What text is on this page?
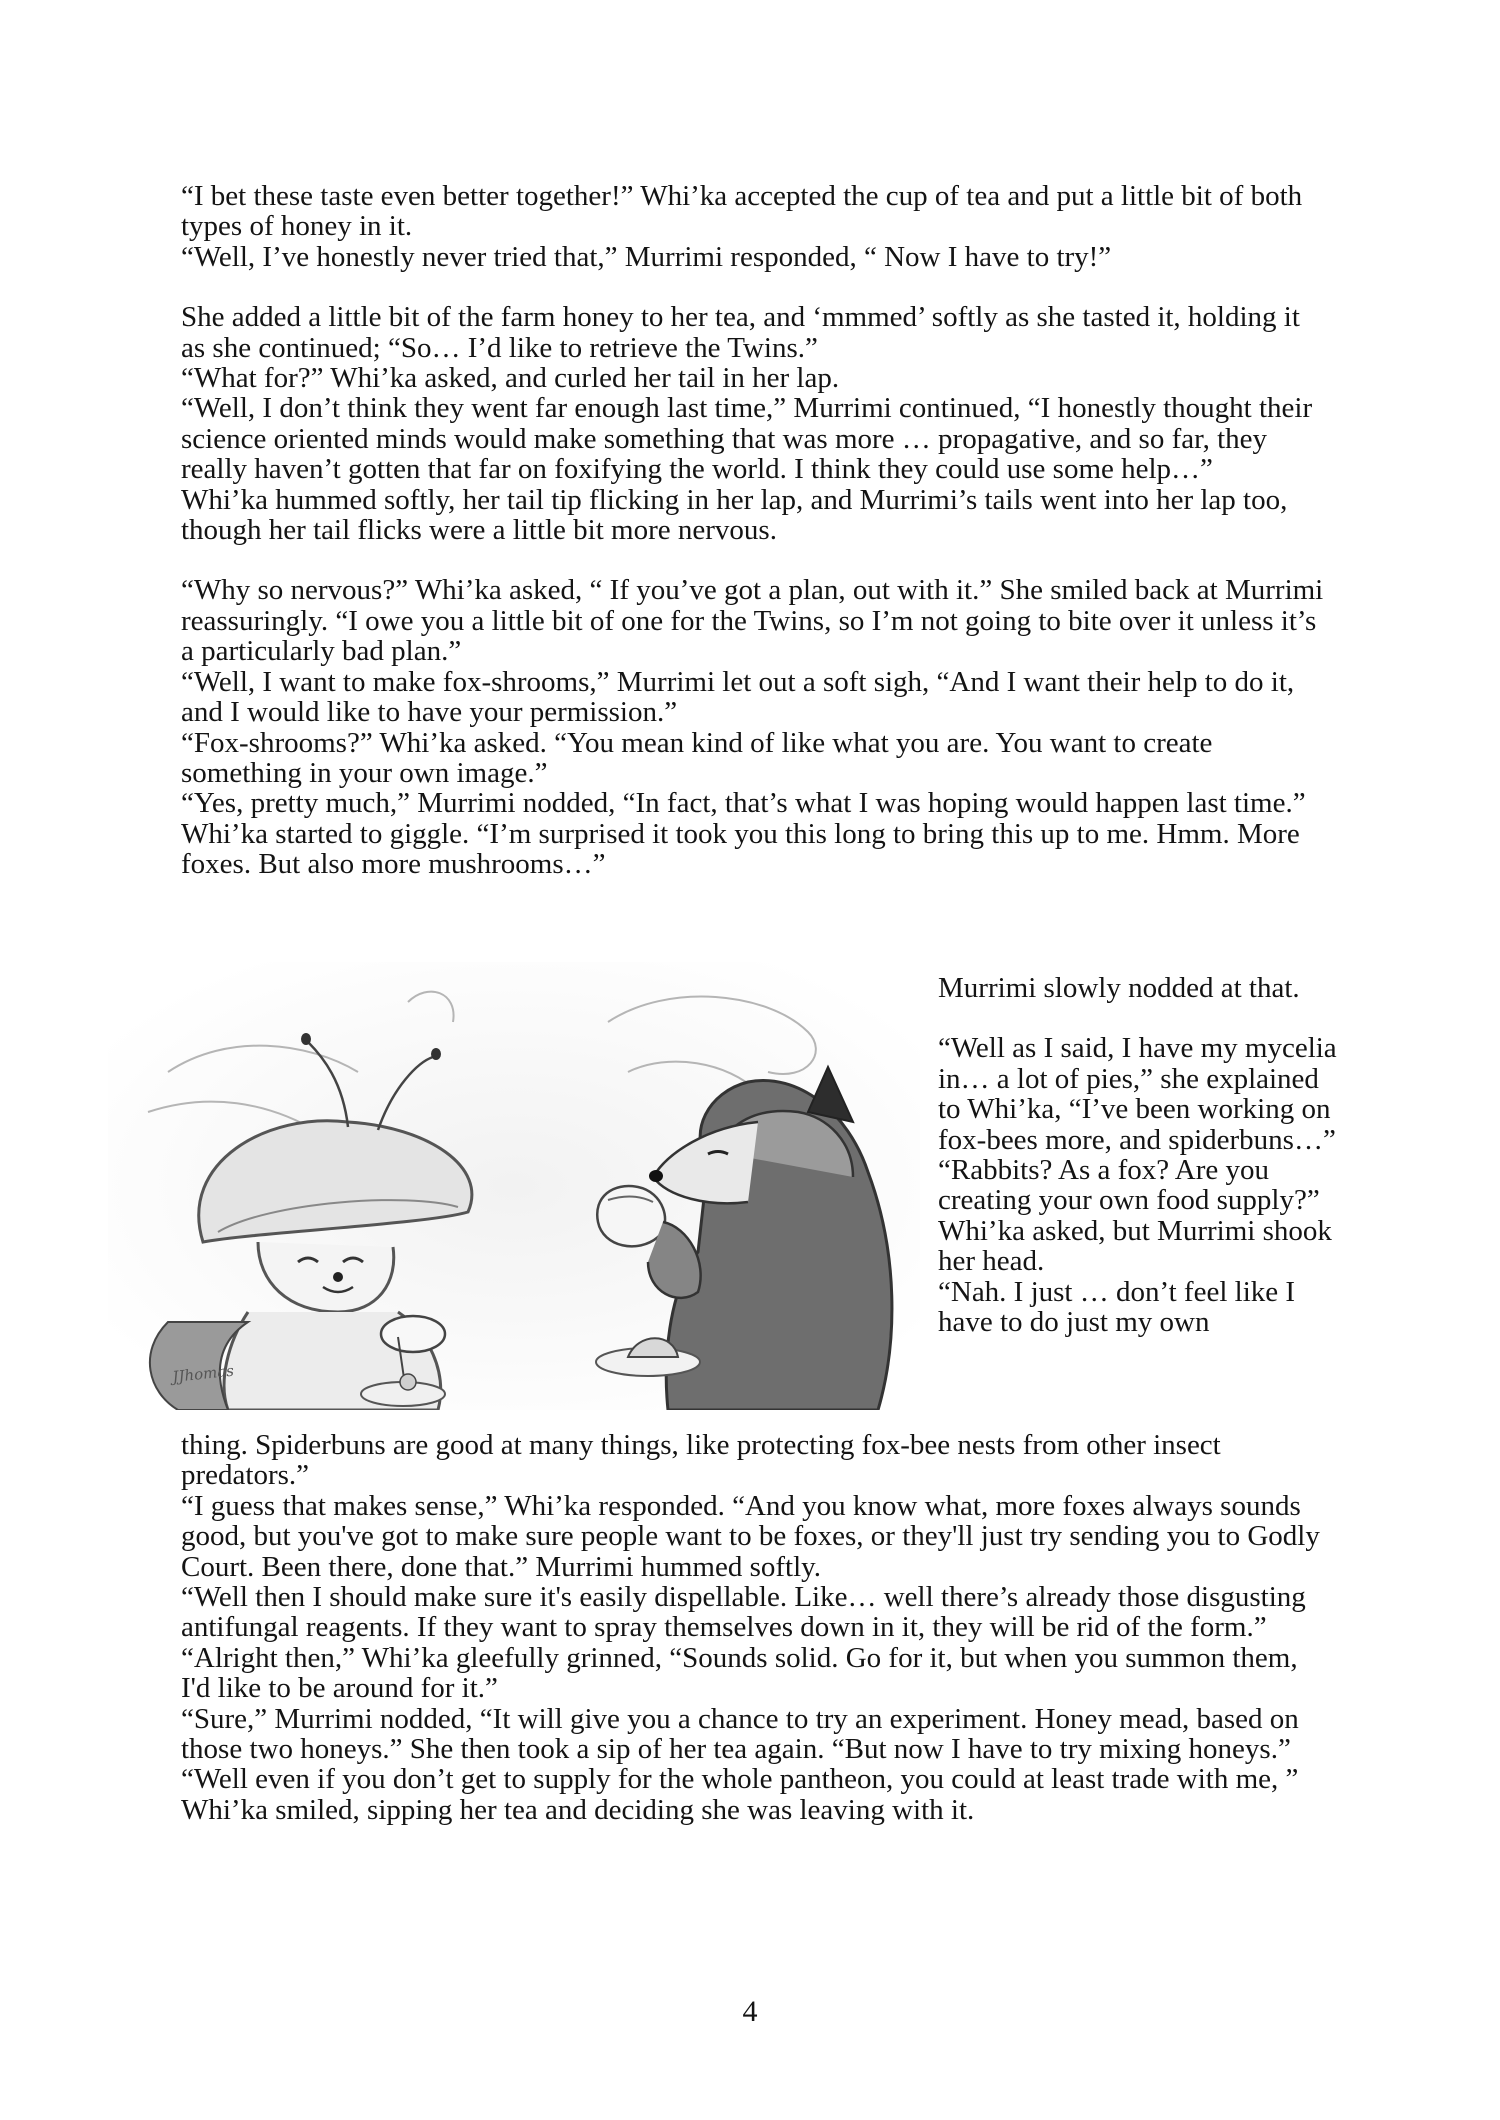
“I bet these taste even better together!” Whi’ka accepted the cup of tea and put a little bit of both types of honey in it.

“Well, I’ve honestly never tried that,” Murrimi responded, “ Now I have to try!”

She added a little bit of the farm honey to her tea, and ‘mmmed’ softly as she tasted it, holding it as she continued; “So… I’d like to retrieve the Twins.”

“What for?” Whi’ka asked, and curled her tail in her lap.

“Well, I don’t think they went far enough last time,” Murrimi continued, “I honestly thought their science oriented minds would make something that was more … propagative, and so far, they really haven’t gotten that far on foxifying the world. I think they could use some help…”

Whi’ka hummed softly, her tail tip flicking in her lap, and Murrimi’s tails went into her lap too, though her tail flicks were a little bit more nervous.

“Why so nervous?” Whi’ka asked, “ If you’ve got a plan, out with it.” She smiled back at Murrimi reassuringly. “I owe you a little bit of one for the Twins, so I’m not going to bite over it unless it’s a particularly bad plan.”

“Well, I want to make fox-shrooms,” Murrimi let out a soft sigh, “And I want their help to do it, and I would like to have your permission.”

“Fox-shrooms?” Whi’ka asked. “You mean kind of like what you are. You want to create something in your own image.”

“Yes, pretty much,” Murrimi nodded, “In fact, that’s what I was hoping would happen last time.”

Whi’ka started to giggle. “I’m surprised it took you this long to bring this up to me. Hmm. More foxes. But also more mushrooms…”

JJhomas

Murrimi slowly nodded at that.

“Well as I said, I have my mycelia in… a lot of pies,” she explained to Whi’ka, “I’ve been working on fox-bees more, and spiderbuns…”

“Rabbits? As a fox? Are you creating your own food supply?” Whi’ka asked, but Murrimi shook her head.

“Nah. I just … don’t feel like I have to do just my own

thing. Spiderbuns are good at many things, like protecting fox-bee nests from other insect predators.”

“I guess that makes sense,” Whi’ka responded. “And you know what, more foxes always sounds good, but you've got to make sure people want to be foxes, or they'll just try sending you to Godly Court. Been there, done that.” Murrimi hummed softly.

“Well then I should make sure it's easily dispellable. Like… well there’s already those disgusting antifungal reagents. If they want to spray themselves down in it, they will be rid of the form.”

“Alright then,” Whi’ka gleefully grinned, “Sounds solid. Go for it, but when you summon them, I'd like to be around for it.”

“Sure,” Murrimi nodded, “It will give you a chance to try an experiment. Honey mead, based on those two honeys.” She then took a sip of her tea again. “But now I have to try mixing honeys.”

“Well even if you don’t get to supply for the whole pantheon, you could at least trade with me, ” Whi’ka smiled, sipping her tea and deciding she was leaving with it.

4
